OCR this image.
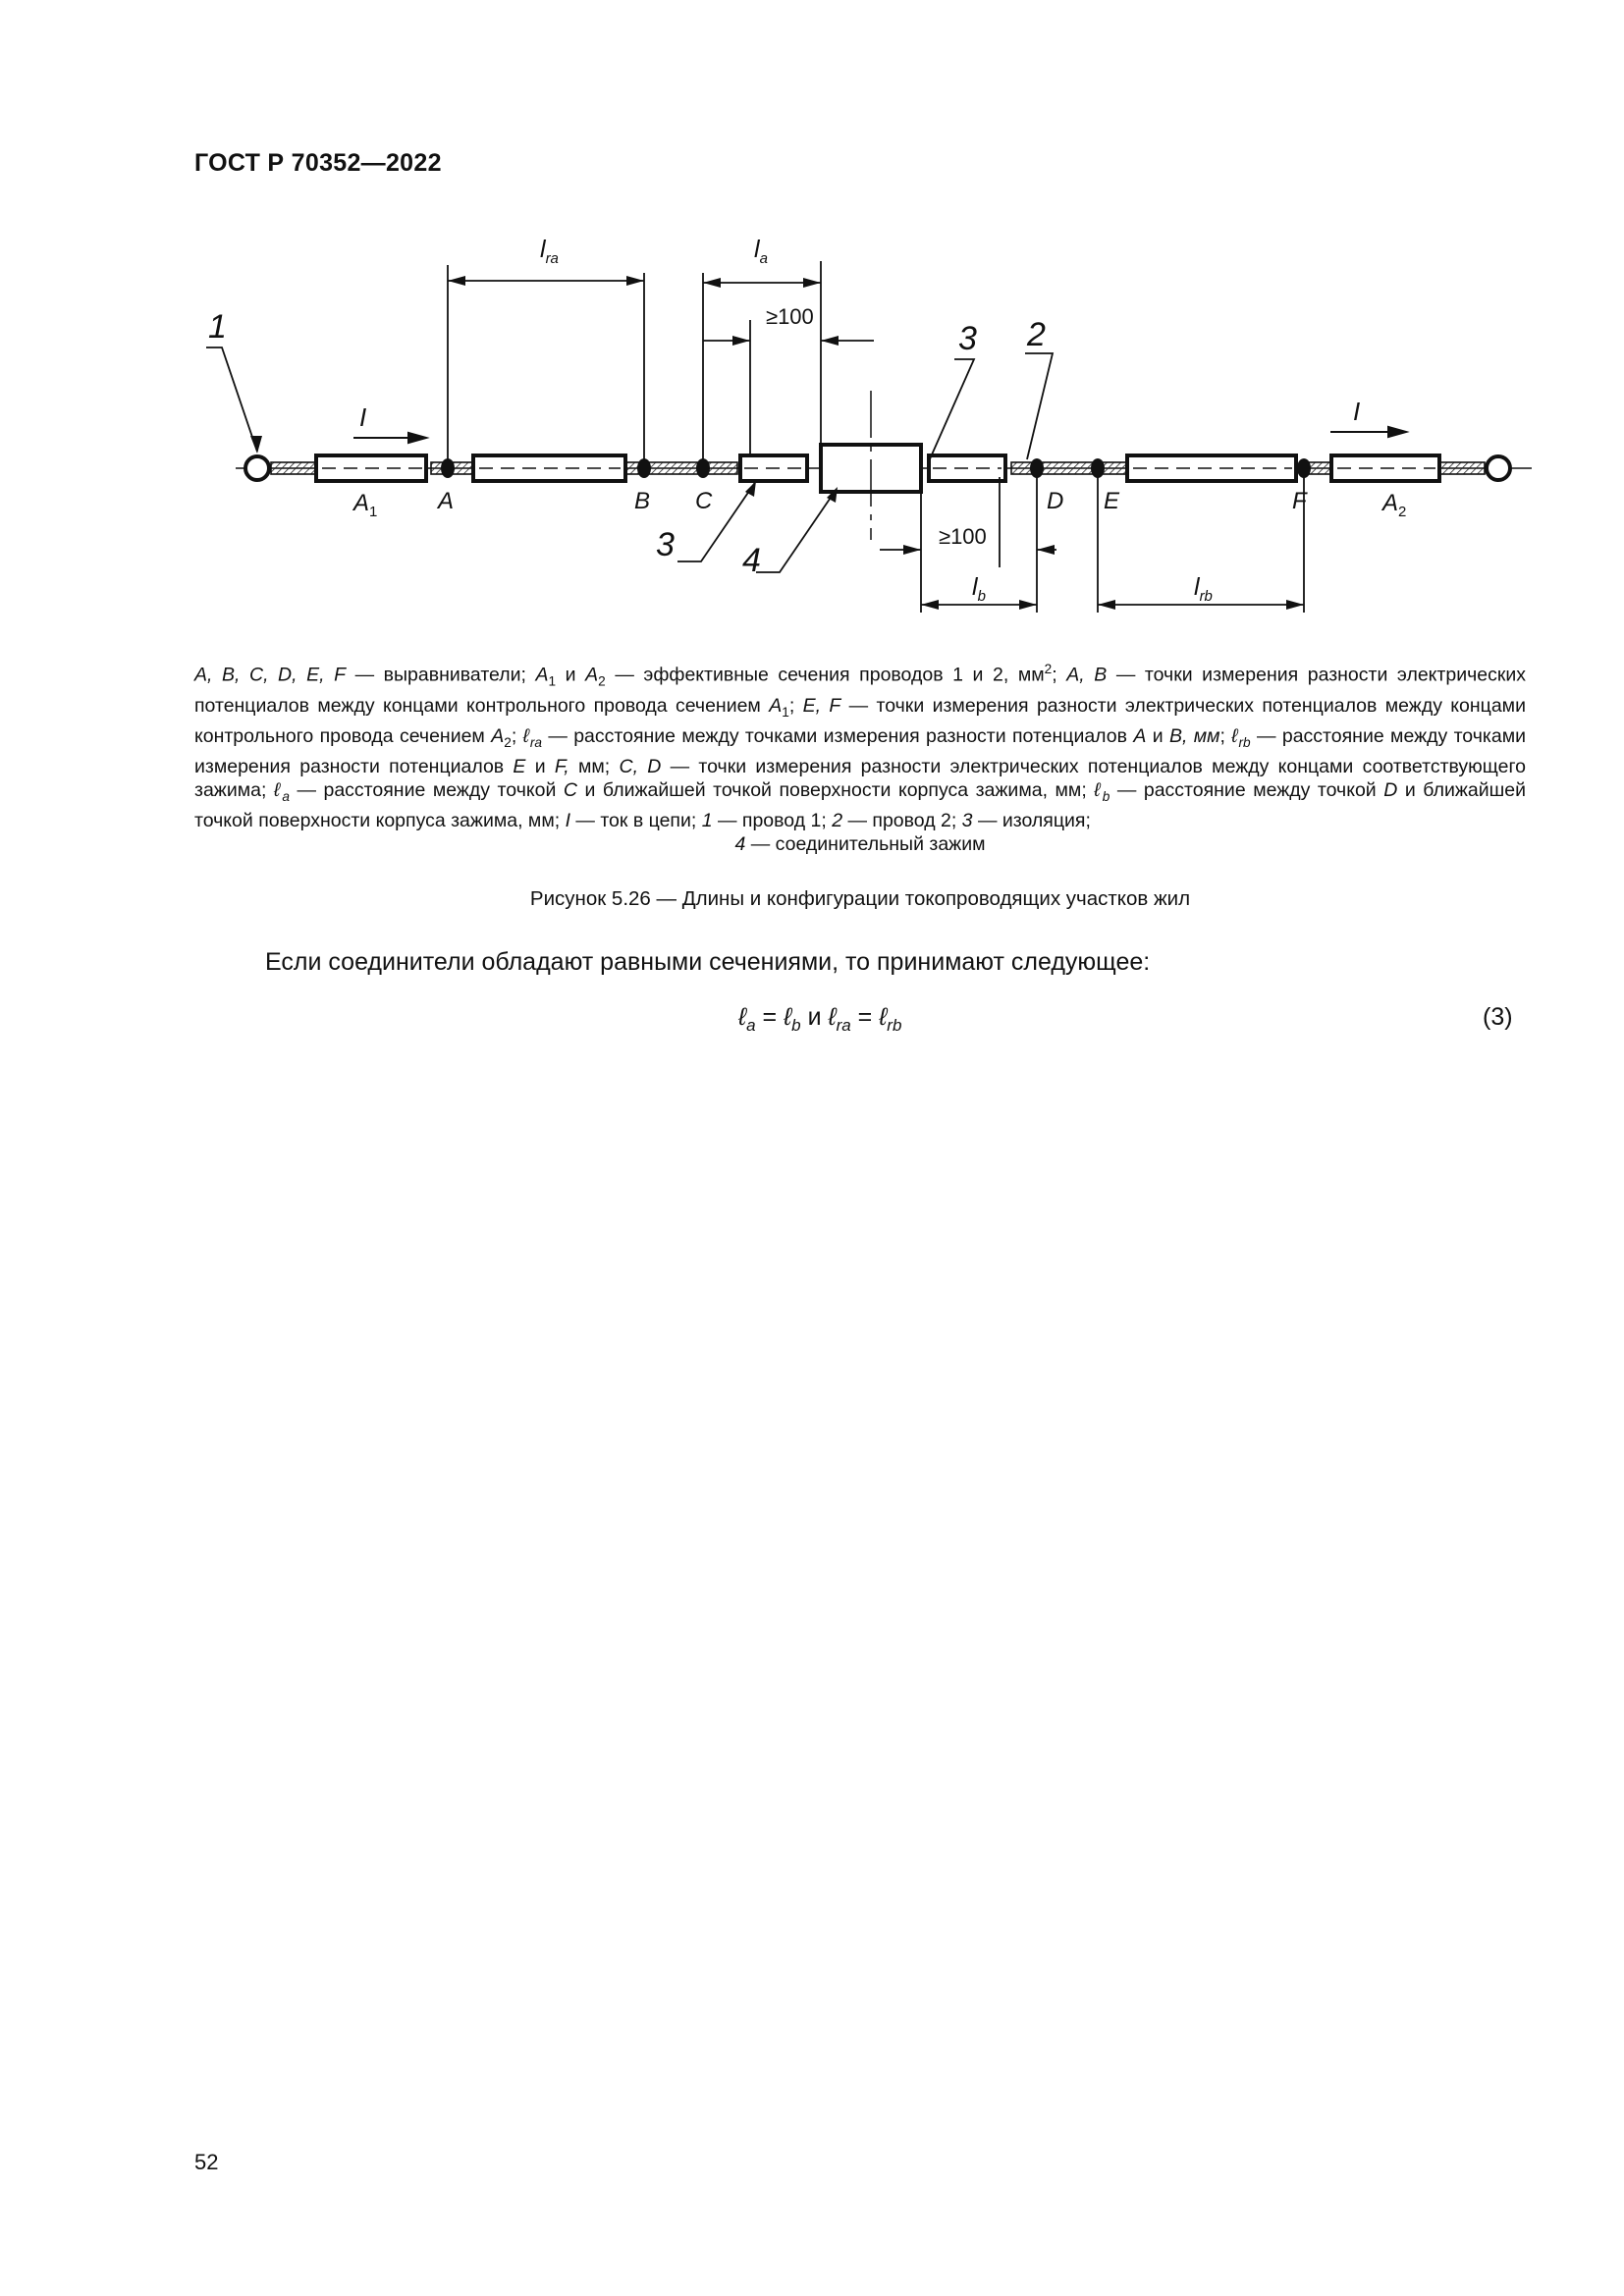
ГОСТ Р 70352—2022
$l_{ra}$	$l_a$
≥100
≥100
$l_b$	$l_{rb}$
I	I
1	3 2
3 4
$A_1$	A	B C	D E	F	$A_2$
A, B, C, D, E, F — выравниватели; $A_1$ и $A_2$ — эффективные сечения проводов 1 и 2, $мм^2$; A, B — точки измерения разности электрических потенциалов между концами контрольного провода сечением $A_1$; E, F — точки измерения разности электрических потенциалов между концами контрольного провода сечением $A_2$; ℓ$_{ra}$ — расстояние между точками измерения разности потенциалов A и B, мм; ℓ$_{rb}$ — расстояние между точками измерения разности потенциалов E и F, мм; C, D — точки измерения разности электрических потенциалов между концами соответствующего зажима; ℓ$_a$ — расстояние между точкой C и ближайшей точкой поверхности корпуса зажима, мм; ℓ$_b$ — расстояние между точкой D и ближайшей точкой поверхности корпуса зажима, мм; I — ток в цепи; 1 — провод 1; 2 — провод 2; 3 — изоляция;
4 — соединительный зажим
Рисунок 5.26 — Длины и конфигурации токопроводящих участков жил
Если соединители обладают равными сечениями, то принимают следующее:
ℓ$_a$ = ℓ$_b$ и ℓ$_{ra}$ = ℓ$_{rb}$	(3)
52
